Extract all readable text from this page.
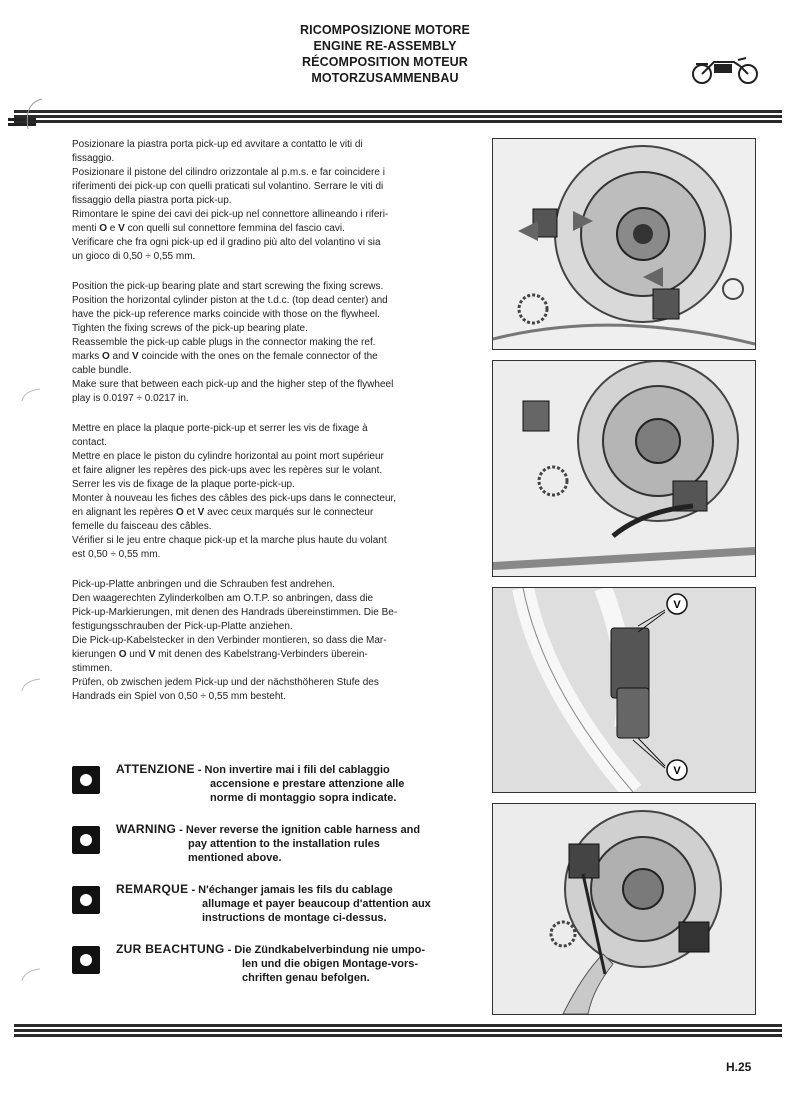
RICOMPOSIZIONE MOTORE
ENGINE RE-ASSEMBLY
RÉCOMPOSITION MOTEUR
MOTORZUSAMMENBAU

Posizionare la piastra porta pick-up ed avvitare a contatto le viti di
fissaggio.
Posizionare il pistone del cilindro orizzontale al p.m.s. e far coincidere i
riferimenti dei pick-up con quelli praticati sul volantino. Serrare le viti di
fissaggio della piastra porta pick-up.
Rimontare le spine dei cavi dei pick-up nel connettore allineando i riferi-
menti O e V con quelli sul connettore femmina del fascio cavi.
Verificare che fra ogni pick-up ed il gradino più alto del volantino vi sia
un gioco di 0,50 ÷ 0,55 mm.

Position the pick-up bearing plate and start screwing the fixing screws.
Position the horizontal cylinder piston at the t.d.c. (top dead center) and
have the pick-up reference marks coincide with those on the flywheel.
Tighten the fixing screws of the pick-up bearing plate.
Reassemble the pick-up cable plugs in the connector making the ref.
marks O and V coincide with the ones on the female connector of the
cable bundle.
Make sure that between each pick-up and the higher step of the flywheel
play is 0.0197 ÷ 0.0217 in.

Mettre en place la plaque porte-pick-up et serrer les vis de fixage à
contact.
Mettre en place le piston du cylindre horizontal au point mort supérieur
et faire aligner les repères des pick-ups avec les repères sur le volant.
Serrer les vis de fixage de la plaque porte-pick-up.
Monter à nouveau les fiches des câbles des pick-ups dans le connecteur,
en alignant les repères O et V avec ceux marqués sur le connecteur
femelle du faisceau des câbles.
Vérifier si le jeu entre chaque pick-up et la marche plus haute du volant
est 0,50 ÷ 0,55 mm.

Pick-up-Platte anbringen und die Schrauben fest andrehen.
Den waagerechten Zylinderkolben am O.T.P. so anbringen, dass die
Pick-up-Markierungen, mit denen des Handrads übereinstimmen. Die Be-
festigungsschrauben der Pick-up-Platte anziehen.
Die Pick-up-Kabelstecker in den Verbinder montieren, so dass die Mar-
kierungen O und V mit denen des Kabelstrang-Verbinders überein-
stimmen.
Prüfen, ob zwischen jedem Pick-up und der nächsthöheren Stufe des
Handrads ein Spiel von 0,50 ÷ 0,55 mm besteht.

ATTENZIONE - Non invertire mai i fili del cablaggio
accensione e prestare attenzione alle
norme di montaggio sopra indicate.
WARNING - Never reverse the ignition cable harness and
pay attention to the installation rules
mentioned above.
REMARQUE - N'échanger jamais les fils du cablage
allumage et payer beaucoup d'attention aux
instructions de montage ci-dessus.
ZUR BEACHTUNG - Die Zündkabelverbindung nie umpo-
len und die obigen Montage-vors-
chriften genau befolgen.
V
V
H.25
